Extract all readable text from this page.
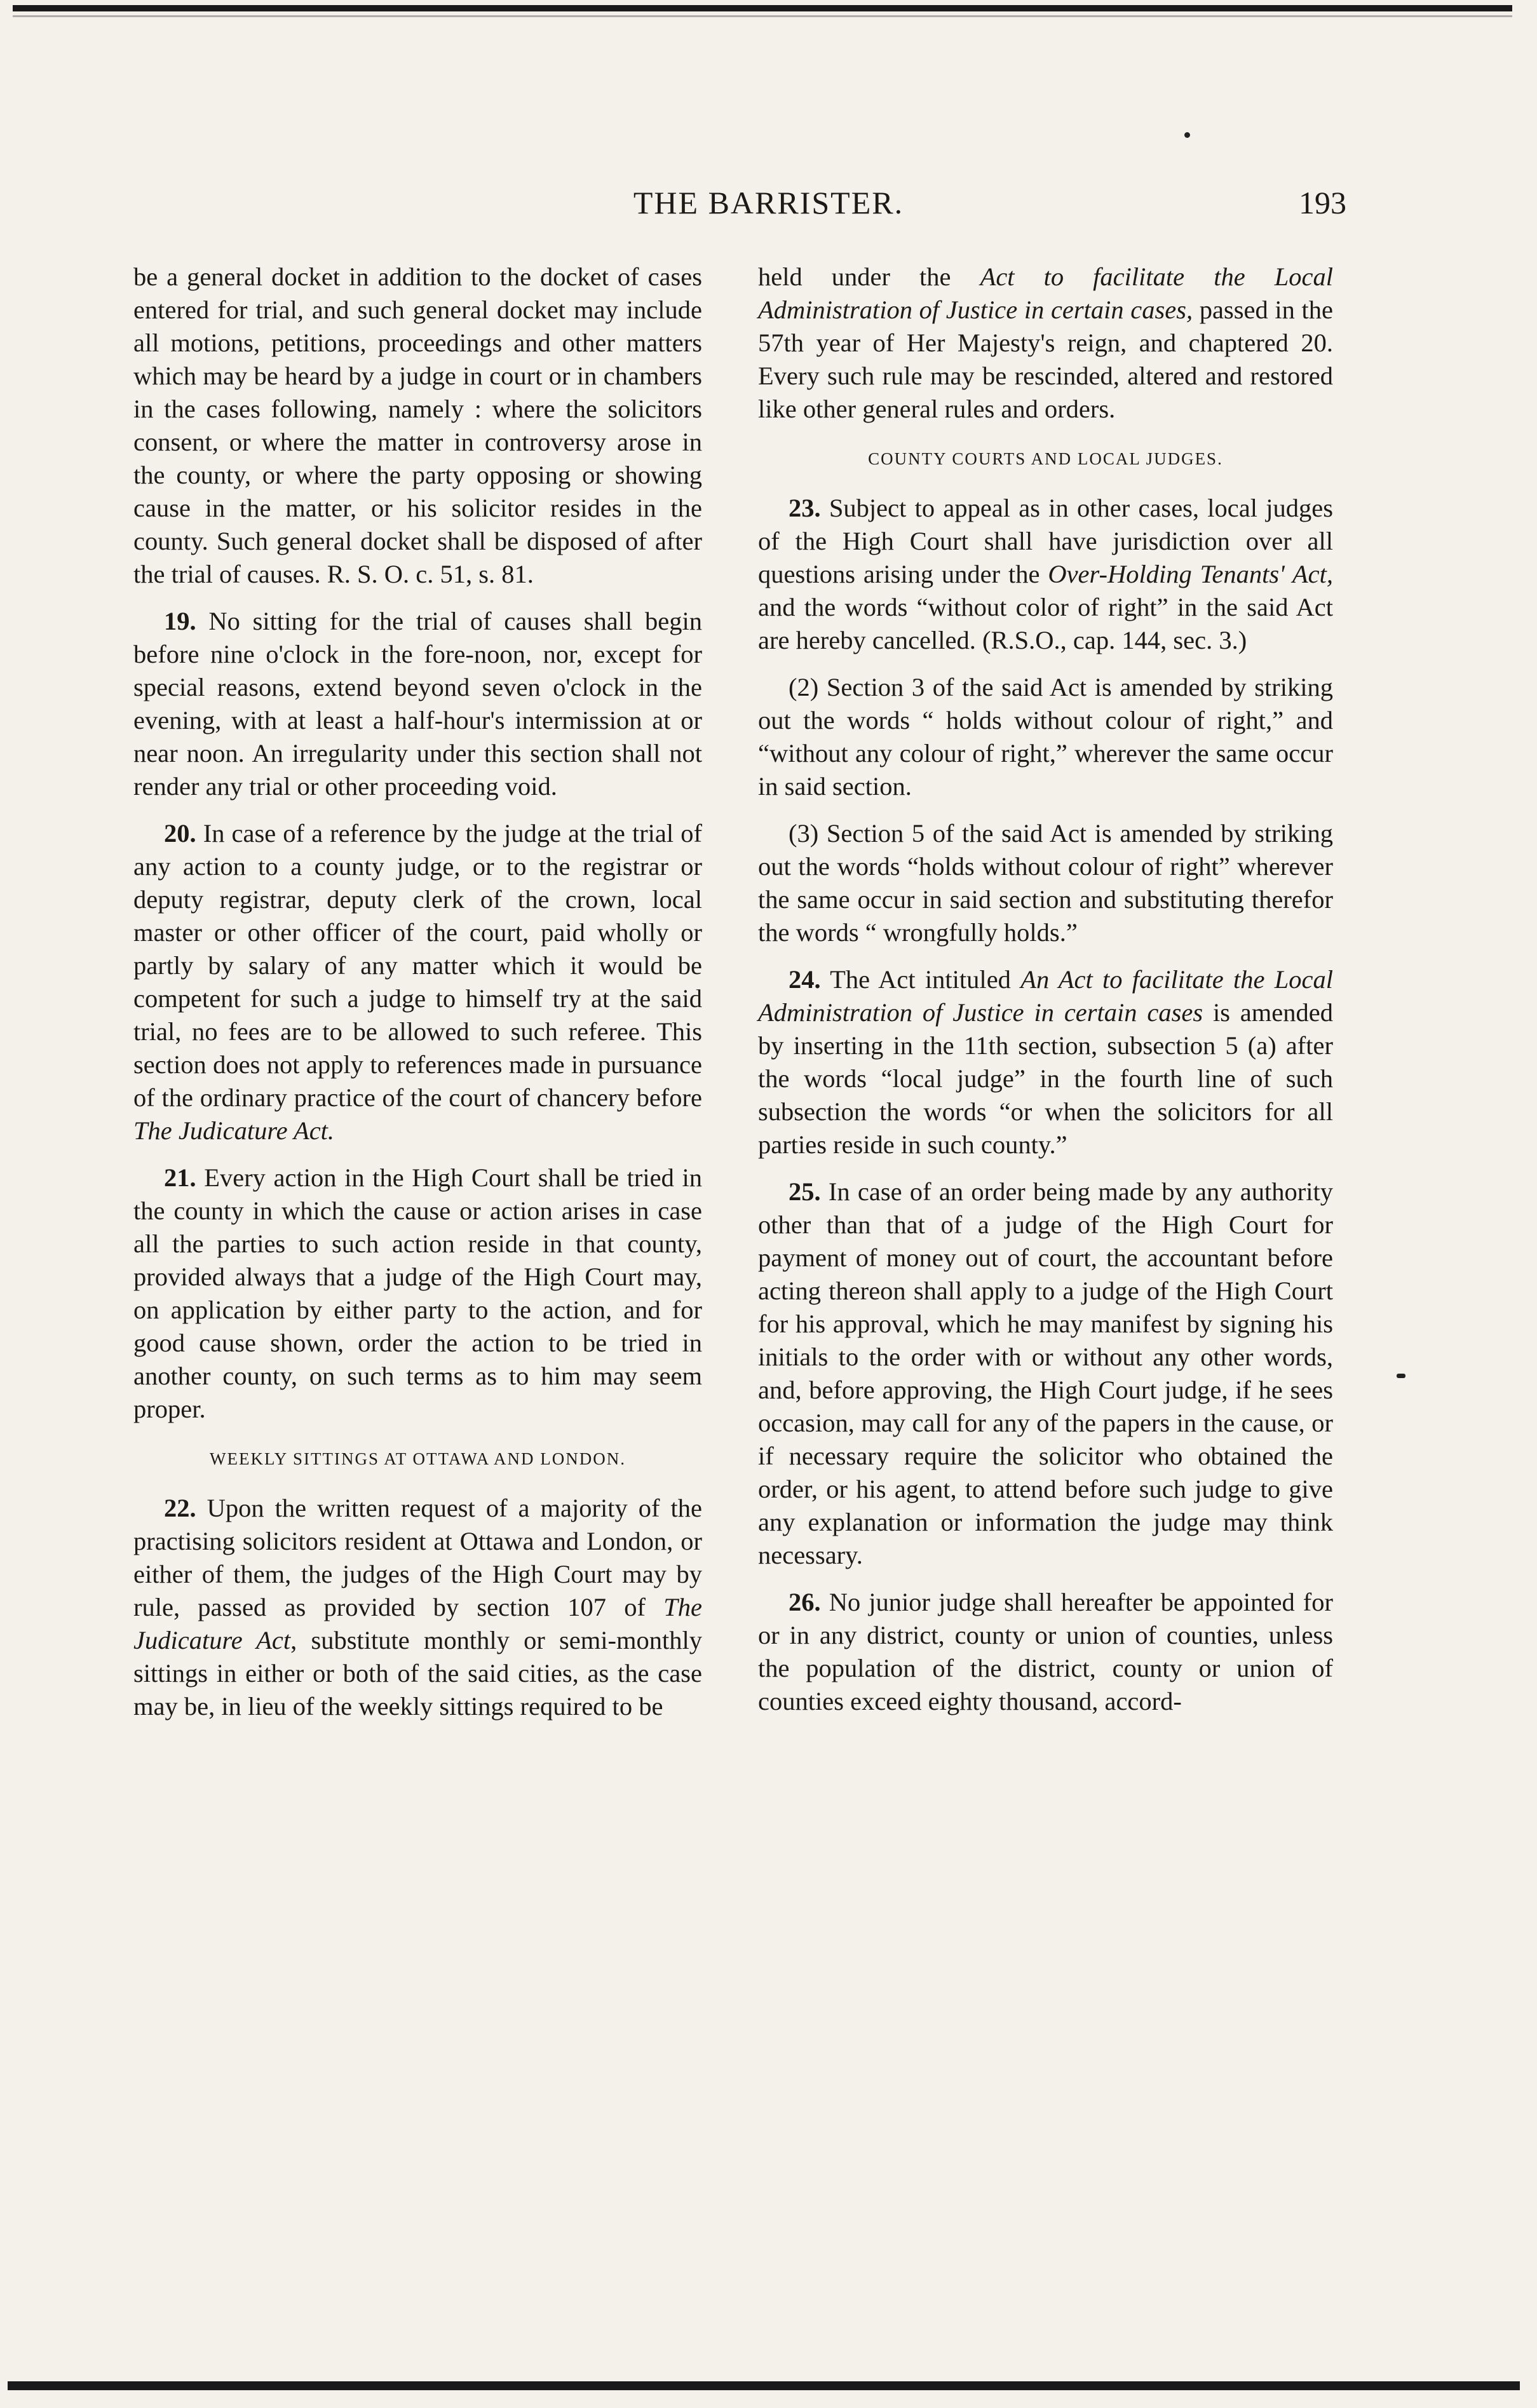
THE BARRISTER.	193

be a general docket in addition to the docket of cases entered for trial, and such general docket may include all motions, petitions, proceedings and other matters which may be heard by a judge in court or in chambers in the cases following, namely : where the solicitors consent, or where the matter in controversy arose in the county, or where the party opposing or showing cause in the matter, or his solicitor resides in the county. Such general docket shall be disposed of after the trial of causes. R. S. O. c. 51, s. 81.

19. No sitting for the trial of causes shall begin before nine o'clock in the fore-noon, nor, except for special reasons, extend beyond seven o'clock in the evening, with at least a half-hour's intermission at or near noon. An irregularity under this section shall not render any trial or other proceeding void.

20. In case of a reference by the judge at the trial of any action to a county judge, or to the registrar or deputy registrar, deputy clerk of the crown, local master or other officer of the court, paid wholly or partly by salary of any matter which it would be competent for such a judge to himself try at the said trial, no fees are to be allowed to such referee. This section does not apply to references made in pursuance of the ordinary practice of the court of chancery before The Judicature Act.

21. Every action in the High Court shall be tried in the county in which the cause or action arises in case all the parties to such action reside in that county, provided always that a judge of the High Court may, on application by either party to the action, and for good cause shown, order the action to be tried in another county, on such terms as to him may seem proper.

WEEKLY SITTINGS AT OTTAWA AND LONDON.

22. Upon the written request of a majority of the practising solicitors resident at Ottawa and London, or either of them, the judges of the High Court may by rule, passed as provided by section 107 of The Judicature Act, substitute monthly or semi-monthly sittings in either or both of the said cities, as the case may be, in lieu of the weekly sittings required to be

held under the Act to facilitate the Local Administration of Justice in certain cases, passed in the 57th year of Her Majesty's reign, and chaptered 20. Every such rule may be rescinded, altered and restored like other general rules and orders.

COUNTY COURTS AND LOCAL JUDGES.

23. Subject to appeal as in other cases, local judges of the High Court shall have jurisdiction over all questions arising under the Over-Holding Tenants' Act, and the words “without color of right” in the said Act are hereby cancelled. (R.S.O., cap. 144, sec. 3.)

(2) Section 3 of the said Act is amended by striking out the words “ holds without colour of right,” and “without any colour of right,” wherever the same occur in said section.

(3) Section 5 of the said Act is amended by striking out the words “holds without colour of right” wherever the same occur in said section and substituting therefor the words “ wrongfully holds.”

24. The Act intituled An Act to facilitate the Local Administration of Justice in certain cases is amended by inserting in the 11th section, subsection 5 (a) after the words “local judge” in the fourth line of such subsection the words “or when the solicitors for all parties reside in such county.”

25. In case of an order being made by any authority other than that of a judge of the High Court for payment of money out of court, the accountant before acting thereon shall apply to a judge of the High Court for his approval, which he may manifest by signing his initials to the order with or without any other words, and, before approving, the High Court judge, if he sees occasion, may call for any of the papers in the cause, or if necessary require the solicitor who obtained the order, or his agent, to attend before such judge to give any explanation or information the judge may think necessary.

26. No junior judge shall hereafter be appointed for or in any district, county or union of counties, unless the population of the district, county or union of counties exceed eighty thousand, accord-
